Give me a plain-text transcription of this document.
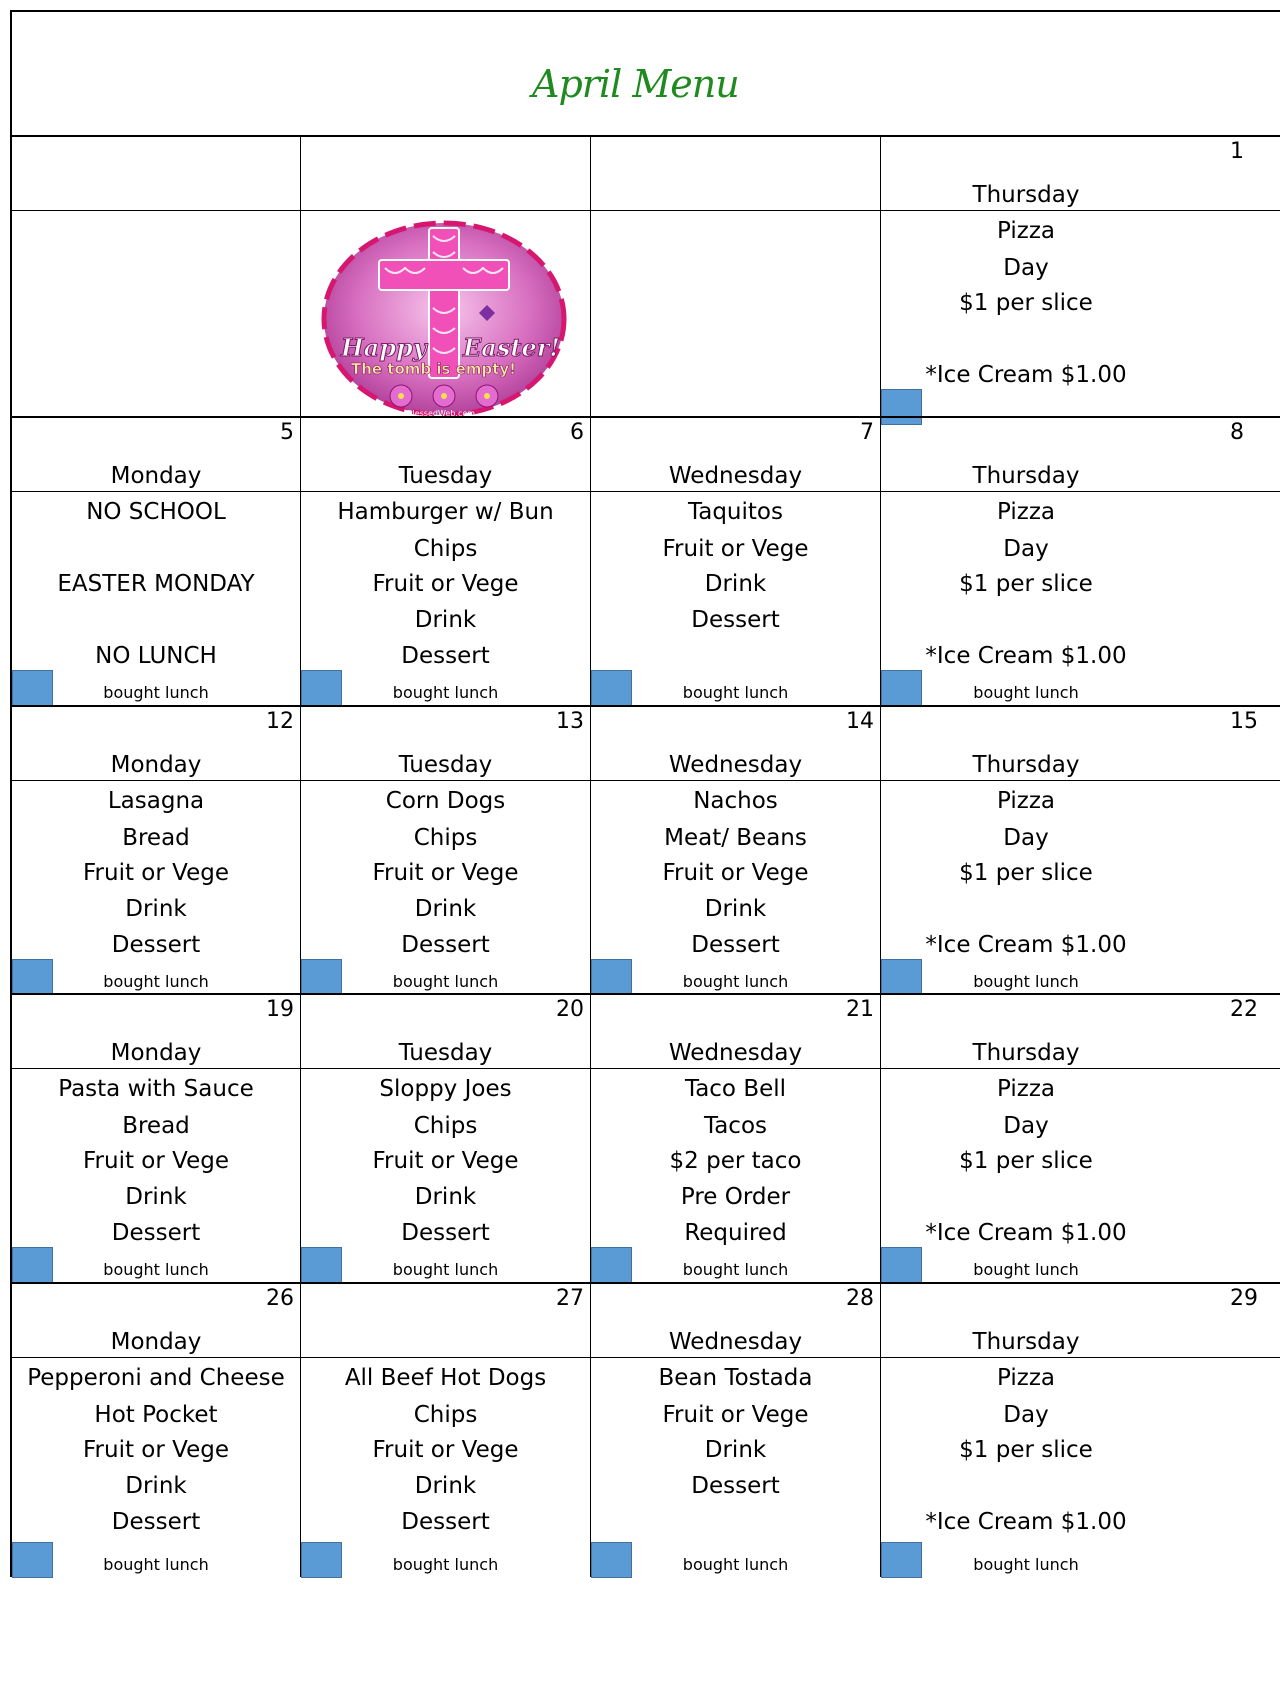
April Menu
1
Thursday
Happy Easter!
The tomb is empty!
BlessedWeb.com
Pizza
Day
$1 per slice
*Ice Cream $1.00
5
Monday
6
Tuesday
7
Wednesday
8
Thursday
NO SCHOOL
EASTER MONDAY
NO LUNCH
bought lunch
Hamburger w/ Bun
Chips
Fruit or Vege
Drink
Dessert
bought lunch
Taquitos
Fruit or Vege
Drink
Dessert
bought lunch
Pizza
Day
$1 per slice
*Ice Cream $1.00
bought lunch
12
Monday
13
Tuesday
14
Wednesday
15
Thursday
Lasagna
Bread
Fruit or Vege
Drink
Dessert
bought lunch
Corn Dogs
Chips
Fruit or Vege
Drink
Dessert
bought lunch
Nachos
Meat/ Beans
Fruit or Vege
Drink
Dessert
bought lunch
Pizza
Day
$1 per slice
*Ice Cream $1.00
bought lunch
19
Monday
20
Tuesday
21
Wednesday
22
Thursday
Pasta with Sauce
Bread
Fruit or Vege
Drink
Dessert
bought lunch
Sloppy Joes
Chips
Fruit or Vege
Drink
Dessert
bought lunch
Taco Bell
Tacos
$2 per taco
Pre Order
Required
bought lunch
Pizza
Day
$1 per slice
*Ice Cream $1.00
bought lunch
26
Monday
27	28
Wednesday
29
Thursday
Pepperoni and Cheese
Hot Pocket
Fruit or Vege
Drink
Dessert
bought lunch
All Beef Hot Dogs
Chips
Fruit or Vege
Drink
Dessert
bought lunch
Bean Tostada
Fruit or Vege
Drink
Dessert
bought lunch
Pizza
Day
$1 per slice
*Ice Cream $1.00
bought lunch
